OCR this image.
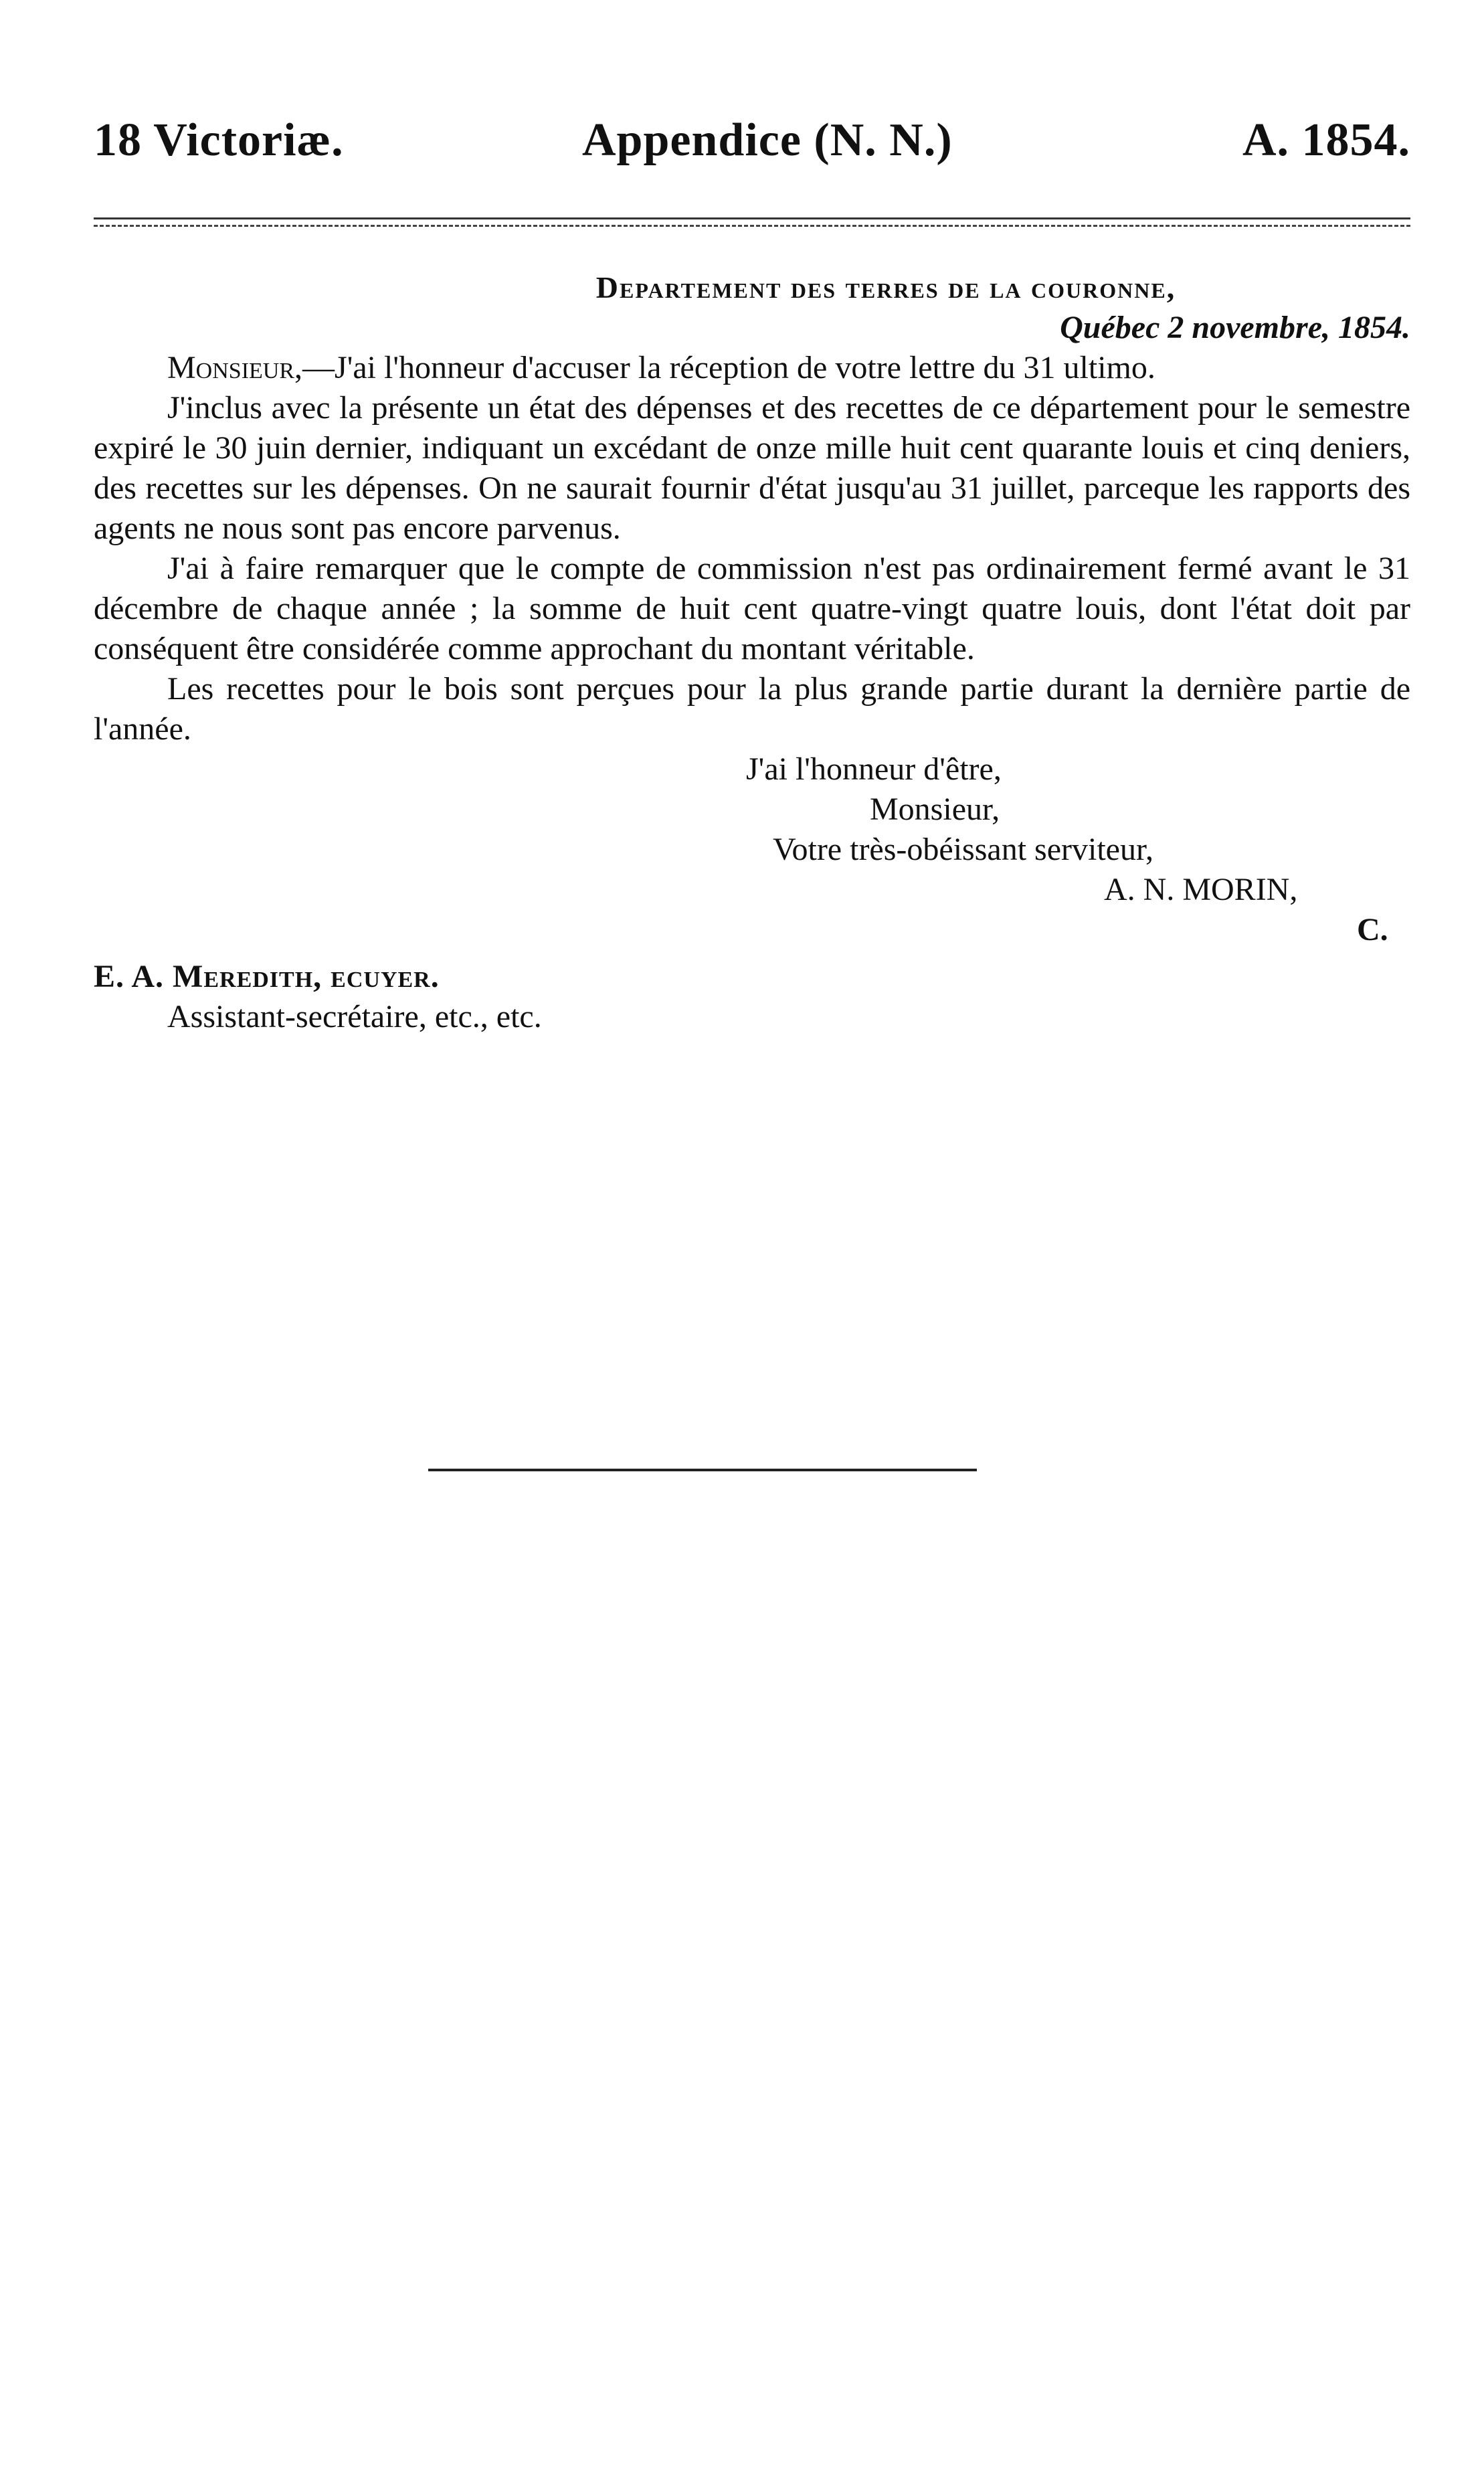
18 Victoriæ.	Appendice (N. N.)	A. 1854.
Departement des terres de la couronne,
Québec 2 novembre, 1854.

Monsieur,—J'ai l'honneur d'accuser la réception de votre lettre du 31 ultimo.

J'inclus avec la présente un état des dépenses et des recettes de ce département pour le semestre expiré le 30 juin dernier, indiquant un excédant de onze mille huit cent quarante louis et cinq deniers, des recettes sur les dépenses. On ne saurait fournir d'état jusqu'au 31 juillet, parceque les rapports des agents ne nous sont pas encore parvenus.

J'ai à faire remarquer que le compte de commission n'est pas ordinairement fermé avant le 31 décembre de chaque année ; la somme de huit cent quatre-vingt quatre louis, dont l'état doit par conséquent être considérée comme approchant du montant véritable.

Les recettes pour le bois sont perçues pour la plus grande partie durant la dernière partie de l'année.

J'ai l'honneur d'être,
Monsieur,
Votre très-obéissant serviteur,
A. N. MORIN,
C.
E. A. Meredith, ecuyer.
Assistant-secrétaire, etc., etc.
